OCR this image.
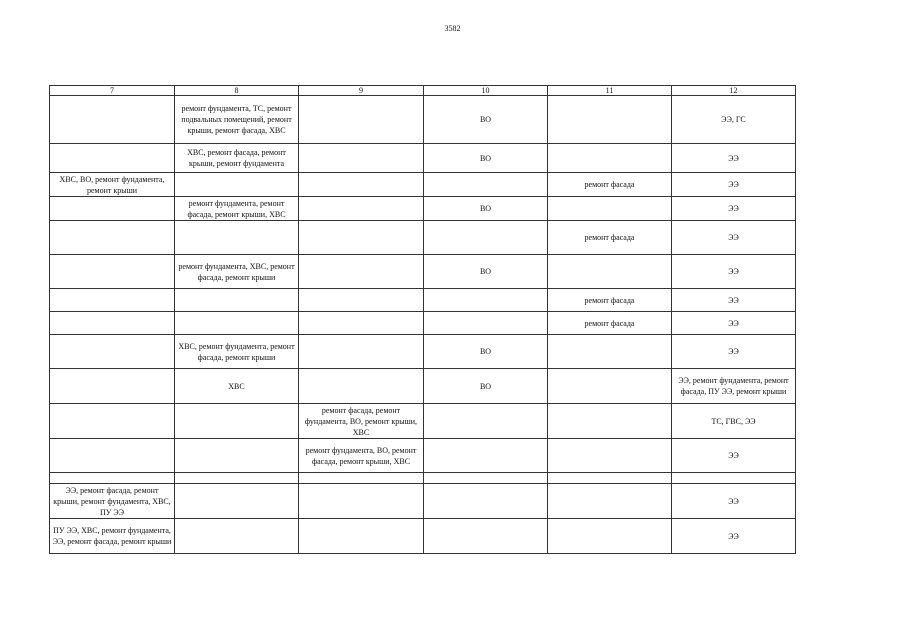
3582
7	8	9	10	11	12
	ремонт фундамента, ТС, ремонт подвальных помещений, ремонт крыши, ремонт фасада, ХВС		ВО		ЭЭ, ГС
	ХВС, ремонт фасада, ремонт крыши, ремонт фундамента		ВО		ЭЭ
ХВС, ВО, ремонт фундамента, ремонт крыши				ремонт фасада	ЭЭ
	ремонт фундамента, ремонт фасада, ремонт крыши, ХВС		ВО		ЭЭ
				ремонт фасада	ЭЭ
	ремонт фундамента, ХВС, ремонт фасада, ремонт крыши		ВО		ЭЭ
				ремонт фасада	ЭЭ
				ремонт фасада	ЭЭ
	ХВС, ремонт фундамента, ремонт фасада, ремонт крыши		ВО		ЭЭ
	ХВС		ВО		ЭЭ, ремонт фундамента, ремонт фасада, ПУ ЭЭ, ремонт крыши
		ремонт фасада, ремонт фундамента, ВО, ремонт крыши, ХВС			ТС, ГВС, ЭЭ
		ремонт фундамента, ВО, ремонт фасада, ремонт крыши, ХВС			ЭЭ

ЭЭ, ремонт фасада, ремонт крыши, ремонт фундамента, ХВС, ПУ ЭЭ					ЭЭ
ПУ ЭЭ, ХВС, ремонт фундамента, ЭЭ, ремонт фасада, ремонт крыши					ЭЭ
